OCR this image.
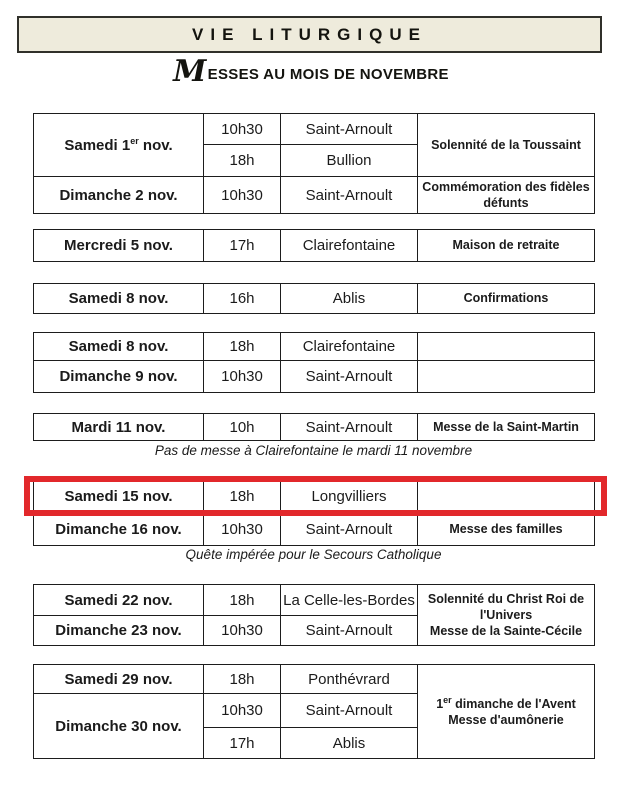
VIE LITURGIQUE
MESSES AU MOIS DE NOVEMBRE
Samedi 1er nov.	10h30	Saint-Arnoult	Solennité de la Toussaint
	18h	Bullion	
Dimanche 2 nov.	10h30	Saint-Arnoult	Commémoration des fidèles défunts
Mercredi 5 nov.	17h	Clairefontaine	Maison de retraite
Samedi 8 nov.	16h	Ablis	Confirmations
Samedi 8 nov.	18h	Clairefontaine	
Dimanche 9 nov.	10h30	Saint-Arnoult	
Mardi 11 nov.	10h	Saint-Arnoult	Messe de la Saint-Martin
Pas de messe à Clairefontaine le mardi 11 novembre
Samedi 15 nov.	18h	Longvilliers	
Dimanche 16 nov.	10h30	Saint-Arnoult	Messe des familles
Quête impérée pour le Secours Catholique
Samedi 22 nov.	18h	La Celle-les-Bordes	Solennité du Christ Roi de l'Univers
Messe de la Sainte-Cécile

Dimanche 23 nov.	10h30	Saint-Arnoult	
Samedi 29 nov.	18h	Ponthévrard	1er dimanche de l'Avent
Messe d'aumônerie

Dimanche 30 nov.	10h30	Saint-Arnoult	
	17h	Ablis	
